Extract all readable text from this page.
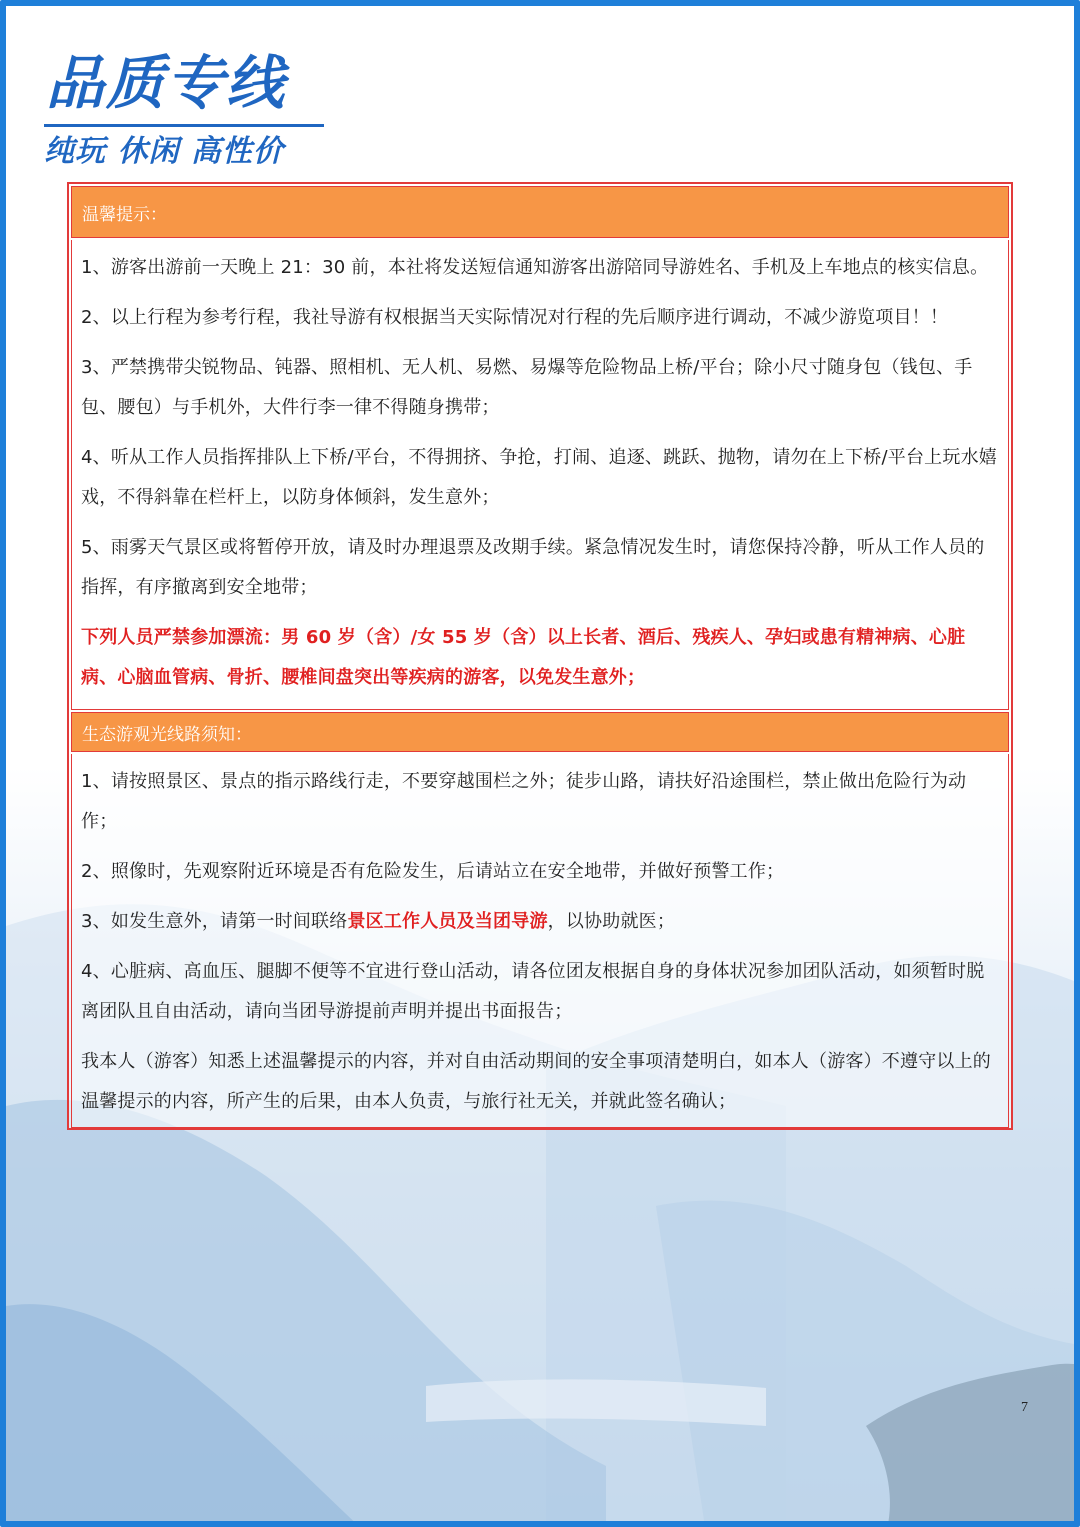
品质专线
纯玩 休闲 高性价
温馨提示：

1、游客出游前一天晚上 21：30 前，本社将发送短信通知游客出游陪同导游姓名、手机及上车地点的核实信息。

2、以上行程为参考行程，我社导游有权根据当天实际情况对行程的先后顺序进行调动，不减少游览项目！！

3、严禁携带尖锐物品、钝器、照相机、无人机、易燃、易爆等危险物品上桥/平台；除小尺寸随身包（钱包、手包、腰包）与手机外，大件行李一律不得随身携带；

4、听从工作人员指挥排队上下桥/平台，不得拥挤、争抢，打闹、追逐、跳跃、抛物，请勿在上下桥/平台上玩水嬉戏，不得斜靠在栏杆上，以防身体倾斜，发生意外；

5、雨雾天气景区或将暂停开放，请及时办理退票及改期手续。紧急情况发生时，请您保持冷静，听从工作人员的指挥，有序撤离到安全地带；

下列人员严禁参加漂流：男 60 岁（含）/女 55 岁（含）以上长者、酒后、残疾人、孕妇或患有精神病、心脏病、心脑血管病、骨折、腰椎间盘突出等疾病的游客，以免发生意外；

生态游观光线路须知：

1、请按照景区、景点的指示路线行走，不要穿越围栏之外；徒步山路，请扶好沿途围栏，禁止做出危险行为动作；

2、照像时，先观察附近环境是否有危险发生，后请站立在安全地带，并做好预警工作；

3、如发生意外，请第一时间联络景区工作人员及当团导游，以协助就医；

4、心脏病、高血压、腿脚不便等不宜进行登山活动，请各位团友根据自身的身体状况参加团队活动，如须暂时脱离团队且自由活动，请向当团导游提前声明并提出书面报告；

我本人（游客）知悉上述温馨提示的内容，并对自由活动期间的安全事项清楚明白，如本人（游客）不遵守以上的温馨提示的内容，所产生的后果，由本人负责，与旅行社无关，并就此签名确认；

7
